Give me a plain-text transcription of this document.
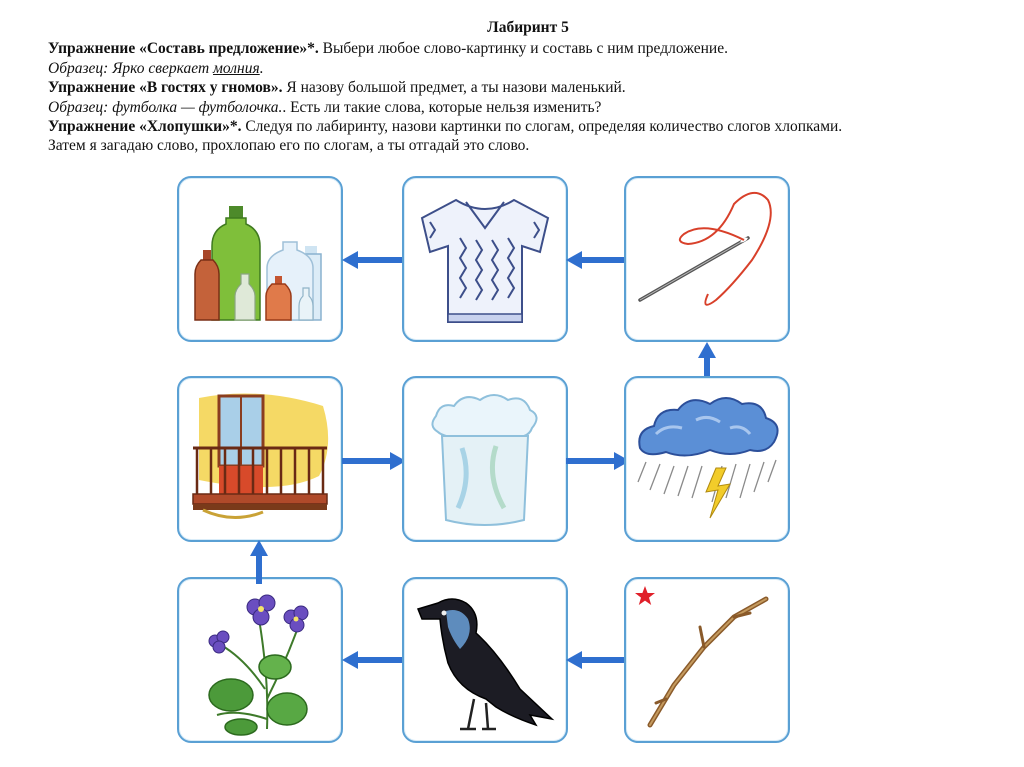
Лабиринт 5
Упражнение «Составь предложение»*. Выбери любое слово-картинку и составь с ним предложение.
Образец: Ярко сверкает молния.
Упражнение «В гостях у гномов». Я назову большой предмет, а ты назови маленький.
Образец: футболка — футболочка.. Есть ли такие слова, которые нельзя изменить?
Упражнение «Хлопушки»*. Следуя по лабиринту, назови картинки по слогам, определяя количество слогов хлопками.
Затем я загадаю слово, прохлопаю его по слогам, а ты отгадай это слово.
